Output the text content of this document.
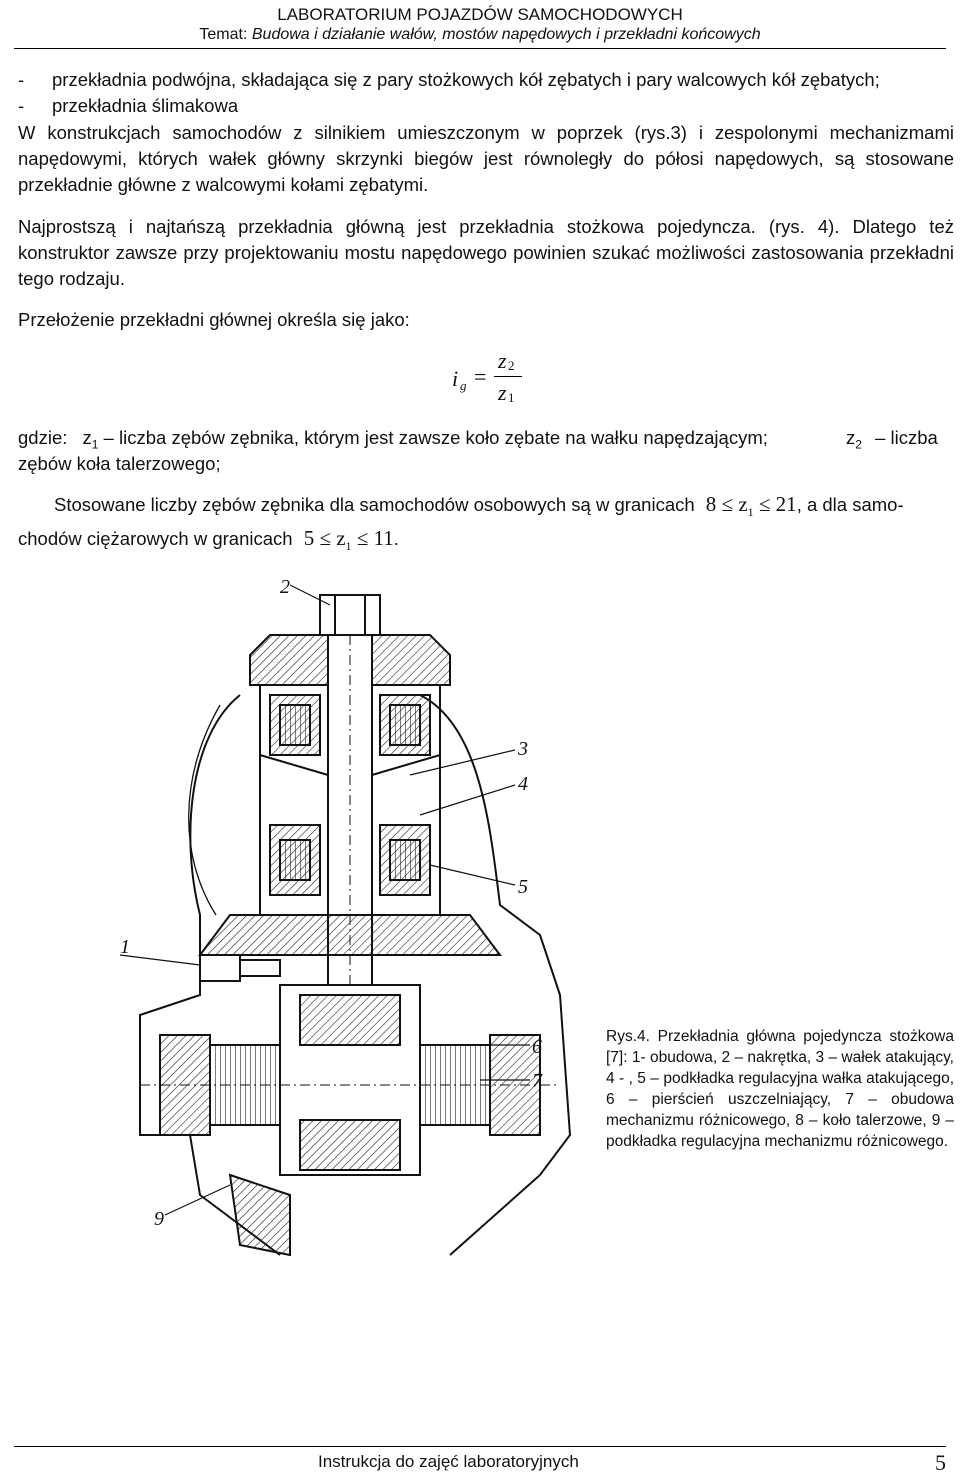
LABORATORIUM POJAZDÓW SAMOCHODOWYCH
Temat: Budowa i działanie wałów, mostów napędowych i przekładni końcowych
- przekładnia podwójna, składająca się z pary stożkowych kół zębatych i pary walcowych kół zębatych;
- przekładnia ślimakowa
W konstrukcjach samochodów z silnikiem umieszczonym w poprzek (rys.3) i zespolonymi mechanizmami napędowymi, których wałek główny skrzynki biegów jest równoległy do półosi napędowych, są stosowane przekładnie główne z walcowymi kołami zębatymi.
Najprostszą i najtańszą przekładnia główną jest przekładnia stożkowa pojedyncza. (rys. 4). Dlatego też konstruktor zawsze przy projektowaniu mostu napędowego powinien szukać możliwości zastosowania przekładni tego rodzaju.
Przełożenie przekładni głównej określa się jako:
i g =
z 2
z 1
gdzie: $z_1$ – liczba zębów zębnika, którym jest zawsze koło zębate na wałku napędzającym;	$z_2$ – liczba
zębów koła talerzowego;
Stosowane liczby zębów zębnika dla samochodów osobowych są w granicach $8 \le z_1 \le 21$, a dla samo-
chodów ciężarowych w granicach $5 \le z_1 \le 11$.
2
3
4
5
1
6
7
9
Rys.4. Przekładnia główna pojedyncza stożkowa [7]: 1- obudowa, 2 – nakrętka, 3 – wałek atakujący, 4 - , 5 – podkładka regulacyjna wałka atakującego, 6 – pierścień uszczelniający, 7 – obudowa mechanizmu różnicowego, 8 – koło talerzowe, 9 – podkładka regulacyjna mechanizmu różnicowego.
Instrukcja do zajęć laboratoryjnych	5
